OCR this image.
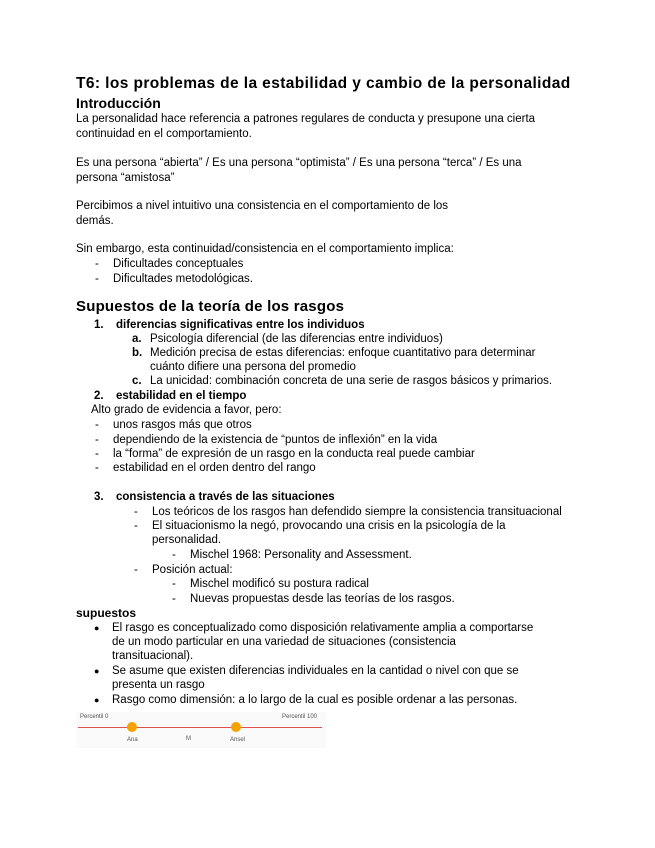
T6: los problemas de la estabilidad y cambio de la personalidad
Introducción
La personalidad hace referencia a patrones regulares de conducta y presupone una cierta
continuidad en el comportamiento.
Es una persona “abierta” / Es una persona “optimista” / Es una persona “terca” / Es una
persona “amistosa”
Percibimos a nivel intuitivo una consistencia en el comportamiento de los
demás.
Sin embargo, esta continuidad/consistencia en el comportamiento implica:
- Dificultades conceptuales
- Dificultades metodológicas.
Supuestos de la teoría de los rasgos
1. diferencias significativas entre los individuos
a. Psicología diferencial (de las diferencias entre individuos)
b. Medición precisa de estas diferencias: enfoque cuantitativo para determinar
cuánto difiere una persona del promedio
c. La unicidad: combinación concreta de una serie de rasgos básicos y primarios.
2. estabilidad en el tiempo
Alto grado de evidencia a favor, pero:
- unos rasgos más que otros
- dependiendo de la existencia de “puntos de inflexión” en la vida
- la “forma” de expresión de un rasgo en la conducta real puede cambiar
- estabilidad en el orden dentro del rango
3. consistencia a través de las situaciones
- Los teóricos de los rasgos han defendido siempre la consistencia transituacional
- El situacionismo la negó, provocando una crisis en la psicología de la
personalidad.
- Mischel 1968: Personality and Assessment.
- Posición actual:
- Mischel modificó su postura radical
- Nuevas propuestas desde las teorías de los rasgos.
supuestos
● El rasgo es conceptualizado como disposición relativamente amplia a comportarse
de un modo particular en una variedad de situaciones (consistencia
transituacional).
● Se asume que existen diferencias individuales en la cantidad o nivel con que se
presenta un rasgo
● Rasgo como dimensión: a lo largo de la cual es posible ordenar a las personas.
Percentil 0	Percentil 100
Ana	M	Ansel
